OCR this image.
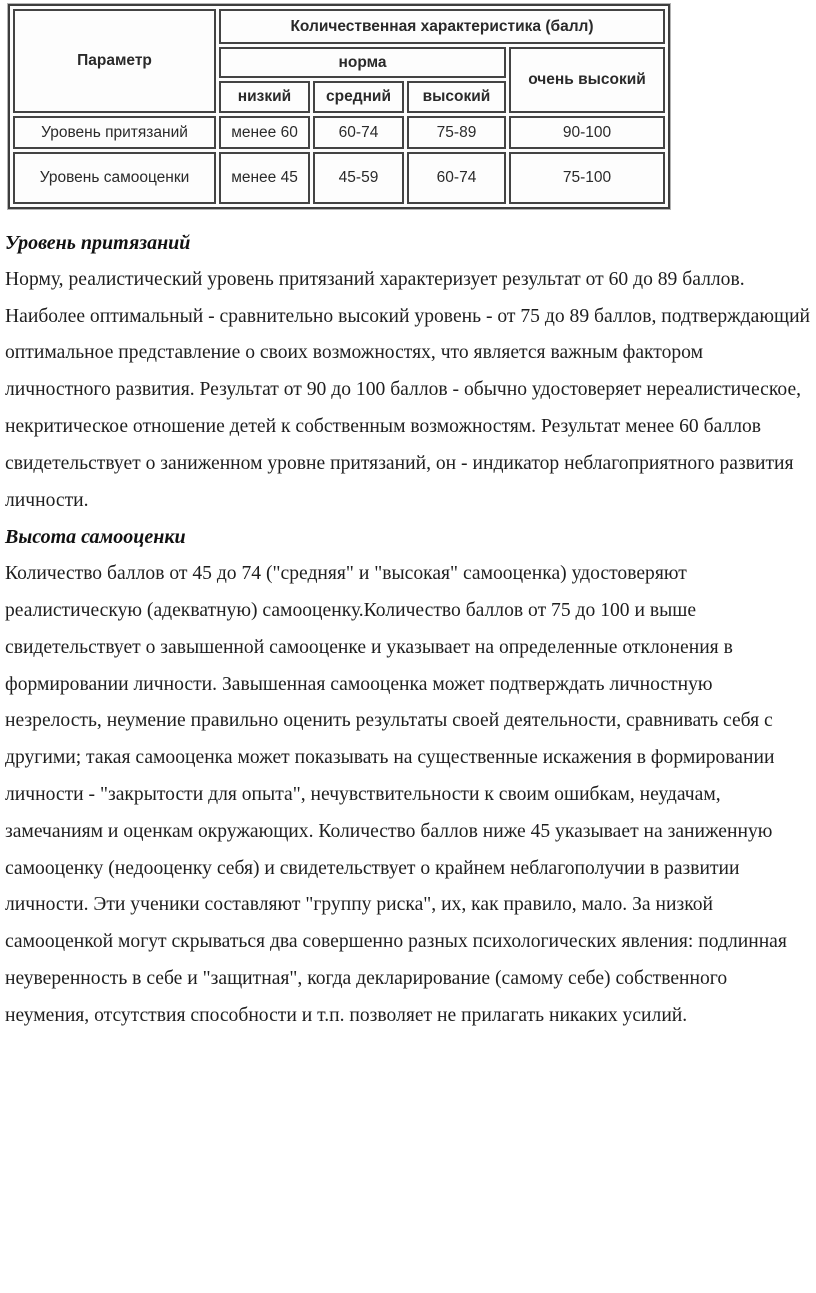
Параметр	Количественная характеристика (балл)			
	норма			очень высокий
	низкий	средний	высокий	
Уровень притязаний	менее 60	60-74	75-89	90-100
Уровень самооценки	менее 45	45-59	60-74	75-100
Уровень притязаний

Норму, реалистический уровень притязаний характеризует результат от 60 до 89 баллов. Наиболее оптимальный - сравнительно высокий уровень - от 75 до 89 баллов, подтверждающий оптимальное представление о своих возможностях, что является важным фактором личностного развития. Результат от 90 до 100 баллов - обычно удостоверяет нереалистическое, некритическое отношение детей к собственным возможностям. Результат менее 60 баллов свидетельствует о заниженном уровне притязаний, он - индикатор неблагоприятного развития личности.

Высота самооценки

Количество баллов от 45 до 74 ("средняя" и "высокая" самооценка) удостоверяют реалистическую (адекватную) самооценку.Количество баллов от 75 до 100 и выше свидетельствует о завышенной самооценке и указывает на определенные отклонения в формировании личности. Завышенная самооценка может подтверждать личностную незрелость, неумение правильно оценить результаты своей деятельности, сравнивать себя с другими; такая самооценка может показывать на существенные искажения в формировании личности - "закрытости для опыта", нечувствительности к своим ошибкам, неудачам, замечаниям и оценкам окружающих. Количество баллов ниже 45 указывает на заниженную самооценку (недооценку себя) и свидетельствует о крайнем неблагополучии в развитии личности. Эти ученики составляют "группу риска", их, как правило, мало. За низкой самооценкой могут скрываться два совершенно разных психологических явления: подлинная неуверенность в себе и "защитная", когда декларирование (самому себе) собственного неумения, отсутствия способности и т.п. позволяет не прилагать никаких усилий.
